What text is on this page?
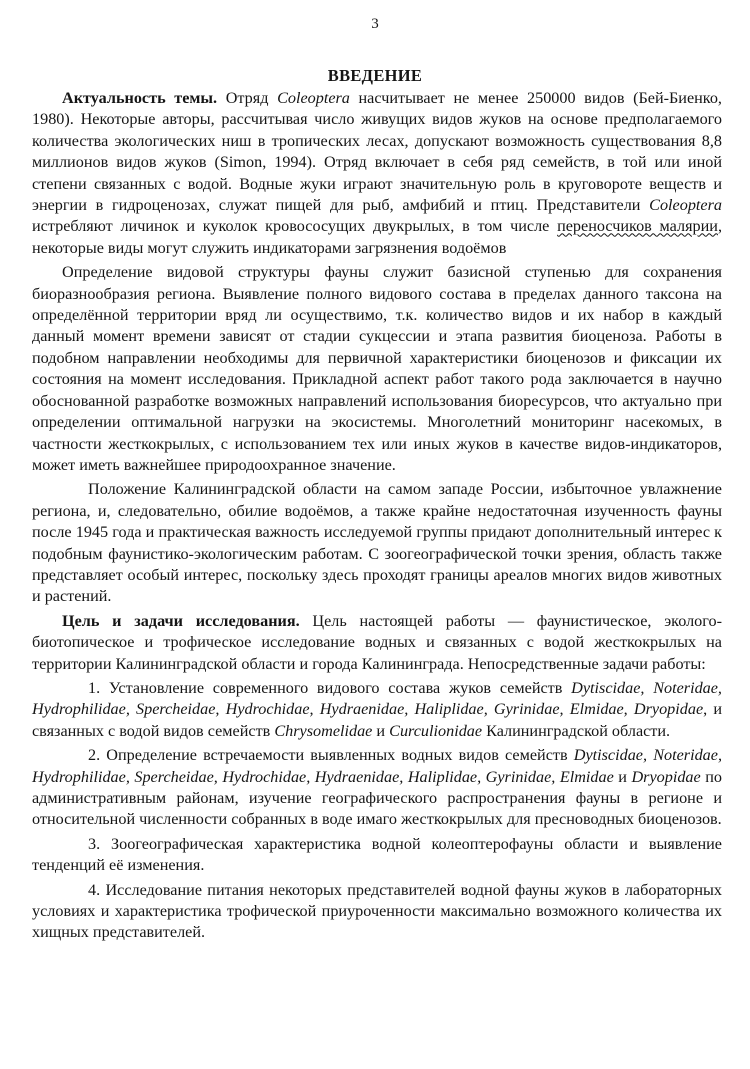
3
ВВЕДЕНИЕ

Актуальность темы. Отряд Coleoptera насчитывает не менее 250000 видов (Бей-Биенко, 1980). Некоторые авторы, рассчитывая число живущих видов жуков на основе предполагаемого количества экологических ниш в тропических лесах, допускают возможность существования 8,8 миллионов видов жуков (Simon, 1994). Отряд включает в себя ряд семейств, в той или иной степени связанных с водой. Водные жуки играют значительную роль в круговороте веществ и энергии в гидроценозах, служат пищей для рыб, амфибий и птиц. Представители Coleoptera истребляют личинок и куколок кровососущих двукрылых, в том числе переносчиков малярии, некоторые виды могут служить индикаторами загрязнения водоёмов

Определение видовой структуры фауны служит базисной ступенью для сохранения биоразнообразия региона. Выявление полного видового состава в пределах данного таксона на определённой территории вряд ли осуществимо, т.к. количество видов и их набор в каждый данный момент времени зависят от стадии сукцессии и этапа развития биоценоза. Работы в подобном направлении необходимы для первичной характеристики биоценозов и фиксации их состояния на момент исследования. Прикладной аспект работ такого рода заключается в научно обоснованной разработке возможных направлений использования биоресурсов, что актуально при определении оптимальной нагрузки на экосистемы. Многолетний мониторинг насекомых, в частности жесткокрылых, с использованием тех или иных жуков в качестве видов-индикаторов, может иметь важнейшее природоохранное значение.

Положение Калининградской области на самом западе России, избыточное увлажнение региона, и, следовательно, обилие водоёмов, а также крайне недостаточная изученность фауны после 1945 года и практическая важность исследуемой группы придают дополнительный интерес к подобным фаунистико-экологическим работам. С зоогеографической точки зрения, область также представляет особый интерес, поскольку здесь проходят границы ареалов многих видов животных и растений.

Цель и задачи исследования. Цель настоящей работы — фаунистическое, эколого-биотопическое и трофическое исследование водных и связанных с водой жесткокрылых на территории Калининградской области и города Калининграда. Непосредственные задачи работы:

1. Установление современного видового состава жуков семейств Dytiscidae, Noteridae, Hydrophilidae, Spercheidae, Hydrochidae, Hydraenidae, Haliplidae, Gyrinidae, Elmidae, Dryopidae, и связанных с водой видов семейств Chrysomelidae и Curculionidae Калининградской области.

2. Определение встречаемости выявленных водных видов семейств Dytiscidae, Noteridae, Hydrophilidae, Spercheidae, Hydrochidae, Hydraenidae, Haliplidae, Gyrinidae, Elmidae и Dryopidae по административным районам, изучение географического распространения фауны в регионе и относительной численности собранных в воде имаго жесткокрылых для пресноводных биоценозов.

3. Зоогеографическая характеристика водной колеоптерофауны области и выявление тенденций её изменения.

4. Исследование питания некоторых представителей водной фауны жуков в лабораторных условиях и характеристика трофической приуроченности максимально возможного количества их хищных представителей.
